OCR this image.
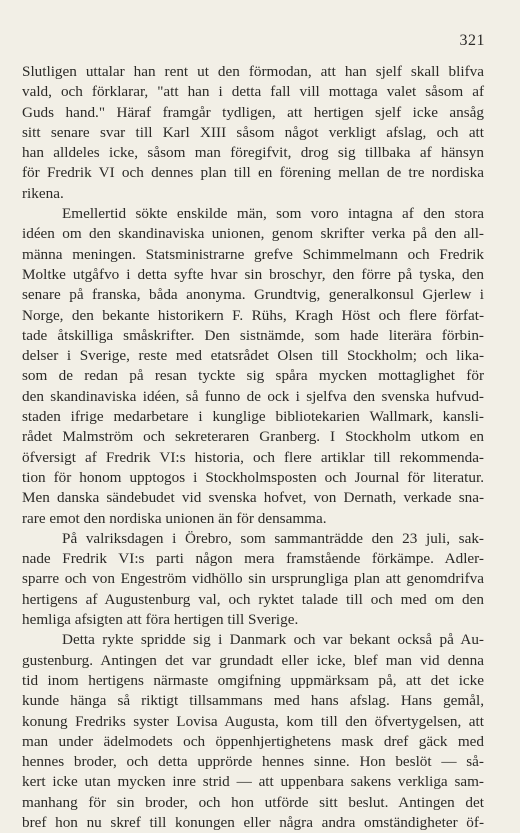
321
Slutligen uttalar han rent ut den förmodan, att han sjelf skall blifva
vald, och förklarar, "att han i detta fall vill mottaga valet såsom af
Guds hand." Häraf framgår tydligen, att hertigen sjelf icke ansåg
sitt senare svar till Karl XIII såsom något verkligt afslag, och att
han alldeles icke, såsom man föregifvit, drog sig tillbaka af hänsyn
för Fredrik VI och dennes plan till en förening mellan de tre nordiska
rikena.
Emellertid sökte enskilde män, som voro intagna af den stora
idéen om den skandinaviska unionen, genom skrifter verka på den all-
männa meningen. Statsministrarne grefve Schimmelmann och Fredrik
Moltke utgåfvo i detta syfte hvar sin broschyr, den förre på tyska, den
senare på franska, båda anonyma. Grundtvig, generalkonsul Gjerlew i
Norge, den bekante historikern F. Rühs, Kragh Höst och flere förfat-
tade åtskilliga småskrifter. Den sistnämde, som hade literära förbin-
delser i Sverige, reste med etatsrådet Olsen till Stockholm; och lika-
som de redan på resan tyckte sig spåra mycken mottaglighet för
den skandinaviska idéen, så funno de ock i sjelfva den svenska hufvud-
staden ifrige medarbetare i kunglige bibliotekarien Wallmark, kansli-
rådet Malmström och sekreteraren Granberg. I Stockholm utkom en
öfversigt af Fredrik VI:s historia, och flere artiklar till rekommenda-
tion för honom upptogos i Stockholmsposten och Journal för literatur.
Men danska sändebudet vid svenska hofvet, von Dernath, verkade sna-
rare emot den nordiska unionen än för densamma.
På valriksdagen i Örebro, som sammanträdde den 23 juli, sak-
nade Fredrik VI:s parti någon mera framstående förkämpe. Adler-
sparre och von Engeström vidhöllo sin ursprungliga plan att genomdrifva
hertigens af Augustenburg val, och ryktet talade till och med om den
hemliga afsigten att föra hertigen till Sverige.
Detta rykte spridde sig i Danmark och var bekant också på Au-
gustenburg. Antingen det var grundadt eller icke, blef man vid denna
tid inom hertigens närmaste omgifning uppmärksam på, att det icke
kunde hänga så riktigt tillsammans med hans afslag. Hans gemål,
konung Fredriks syster Lovisa Augusta, kom till den öfvertygelsen, att
man under ädelmodets och öppenhjertighetens mask dref gäck med
hennes broder, och detta upprörde hennes sinne. Hon beslöt — så-
kert icke utan mycken inre strid — att uppenbara sakens verkliga sam-
manhang för sin broder, och hon utförde sitt beslut. Antingen det
bref hon nu skref till konungen eller några andra omständigheter öf-
